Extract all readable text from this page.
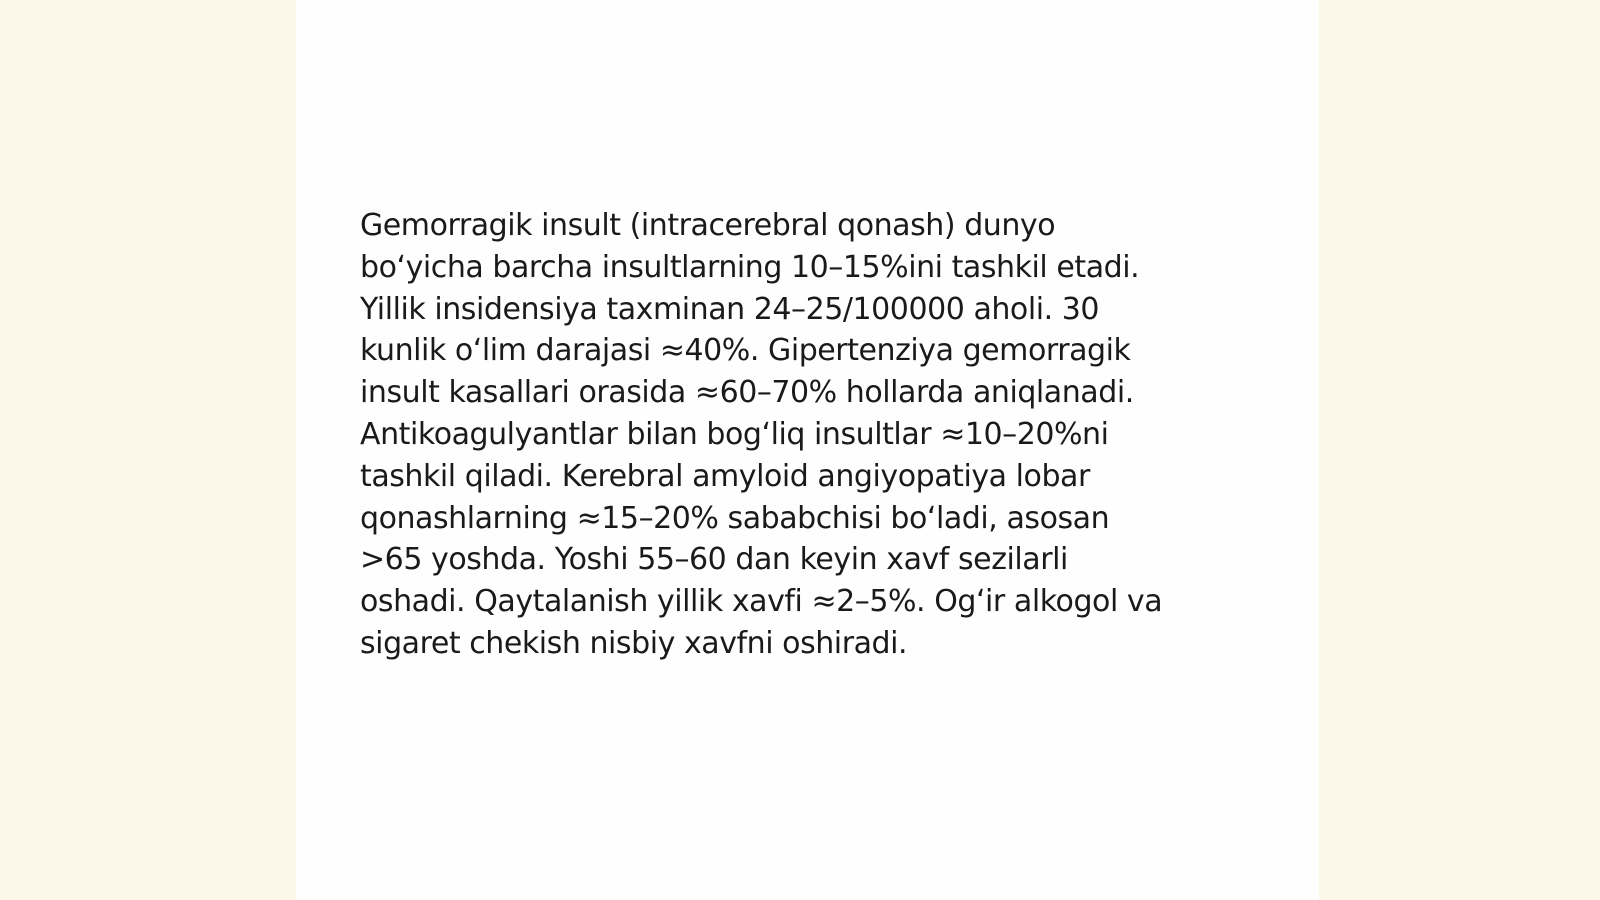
Gemorragik insult (intracerebral qonash) dunyo
bo‘yicha barcha insultlarning 10–15%ini tashkil etadi.
Yillik insidensiya taxminan 24–25/100000 aholi. 30
kunlik o‘lim darajasi ≈40%. Gipertenziya gemorragik
insult kasallari orasida ≈60–70% hollarda aniqlanadi.
Antikoagulyantlar bilan bog‘liq insultlar ≈10–20%ni
tashkil qiladi. Kerebral amyloid angiyopatiya lobar
qonashlarning ≈15–20% sababchisi bo‘ladi, asosan
>65 yoshda. Yoshi 55–60 dan keyin xavf sezilarli
oshadi. Qaytalanish yillik xavfi ≈2–5%. Og‘ir alkogol va
sigaret chekish nisbiy xavfni oshiradi.
